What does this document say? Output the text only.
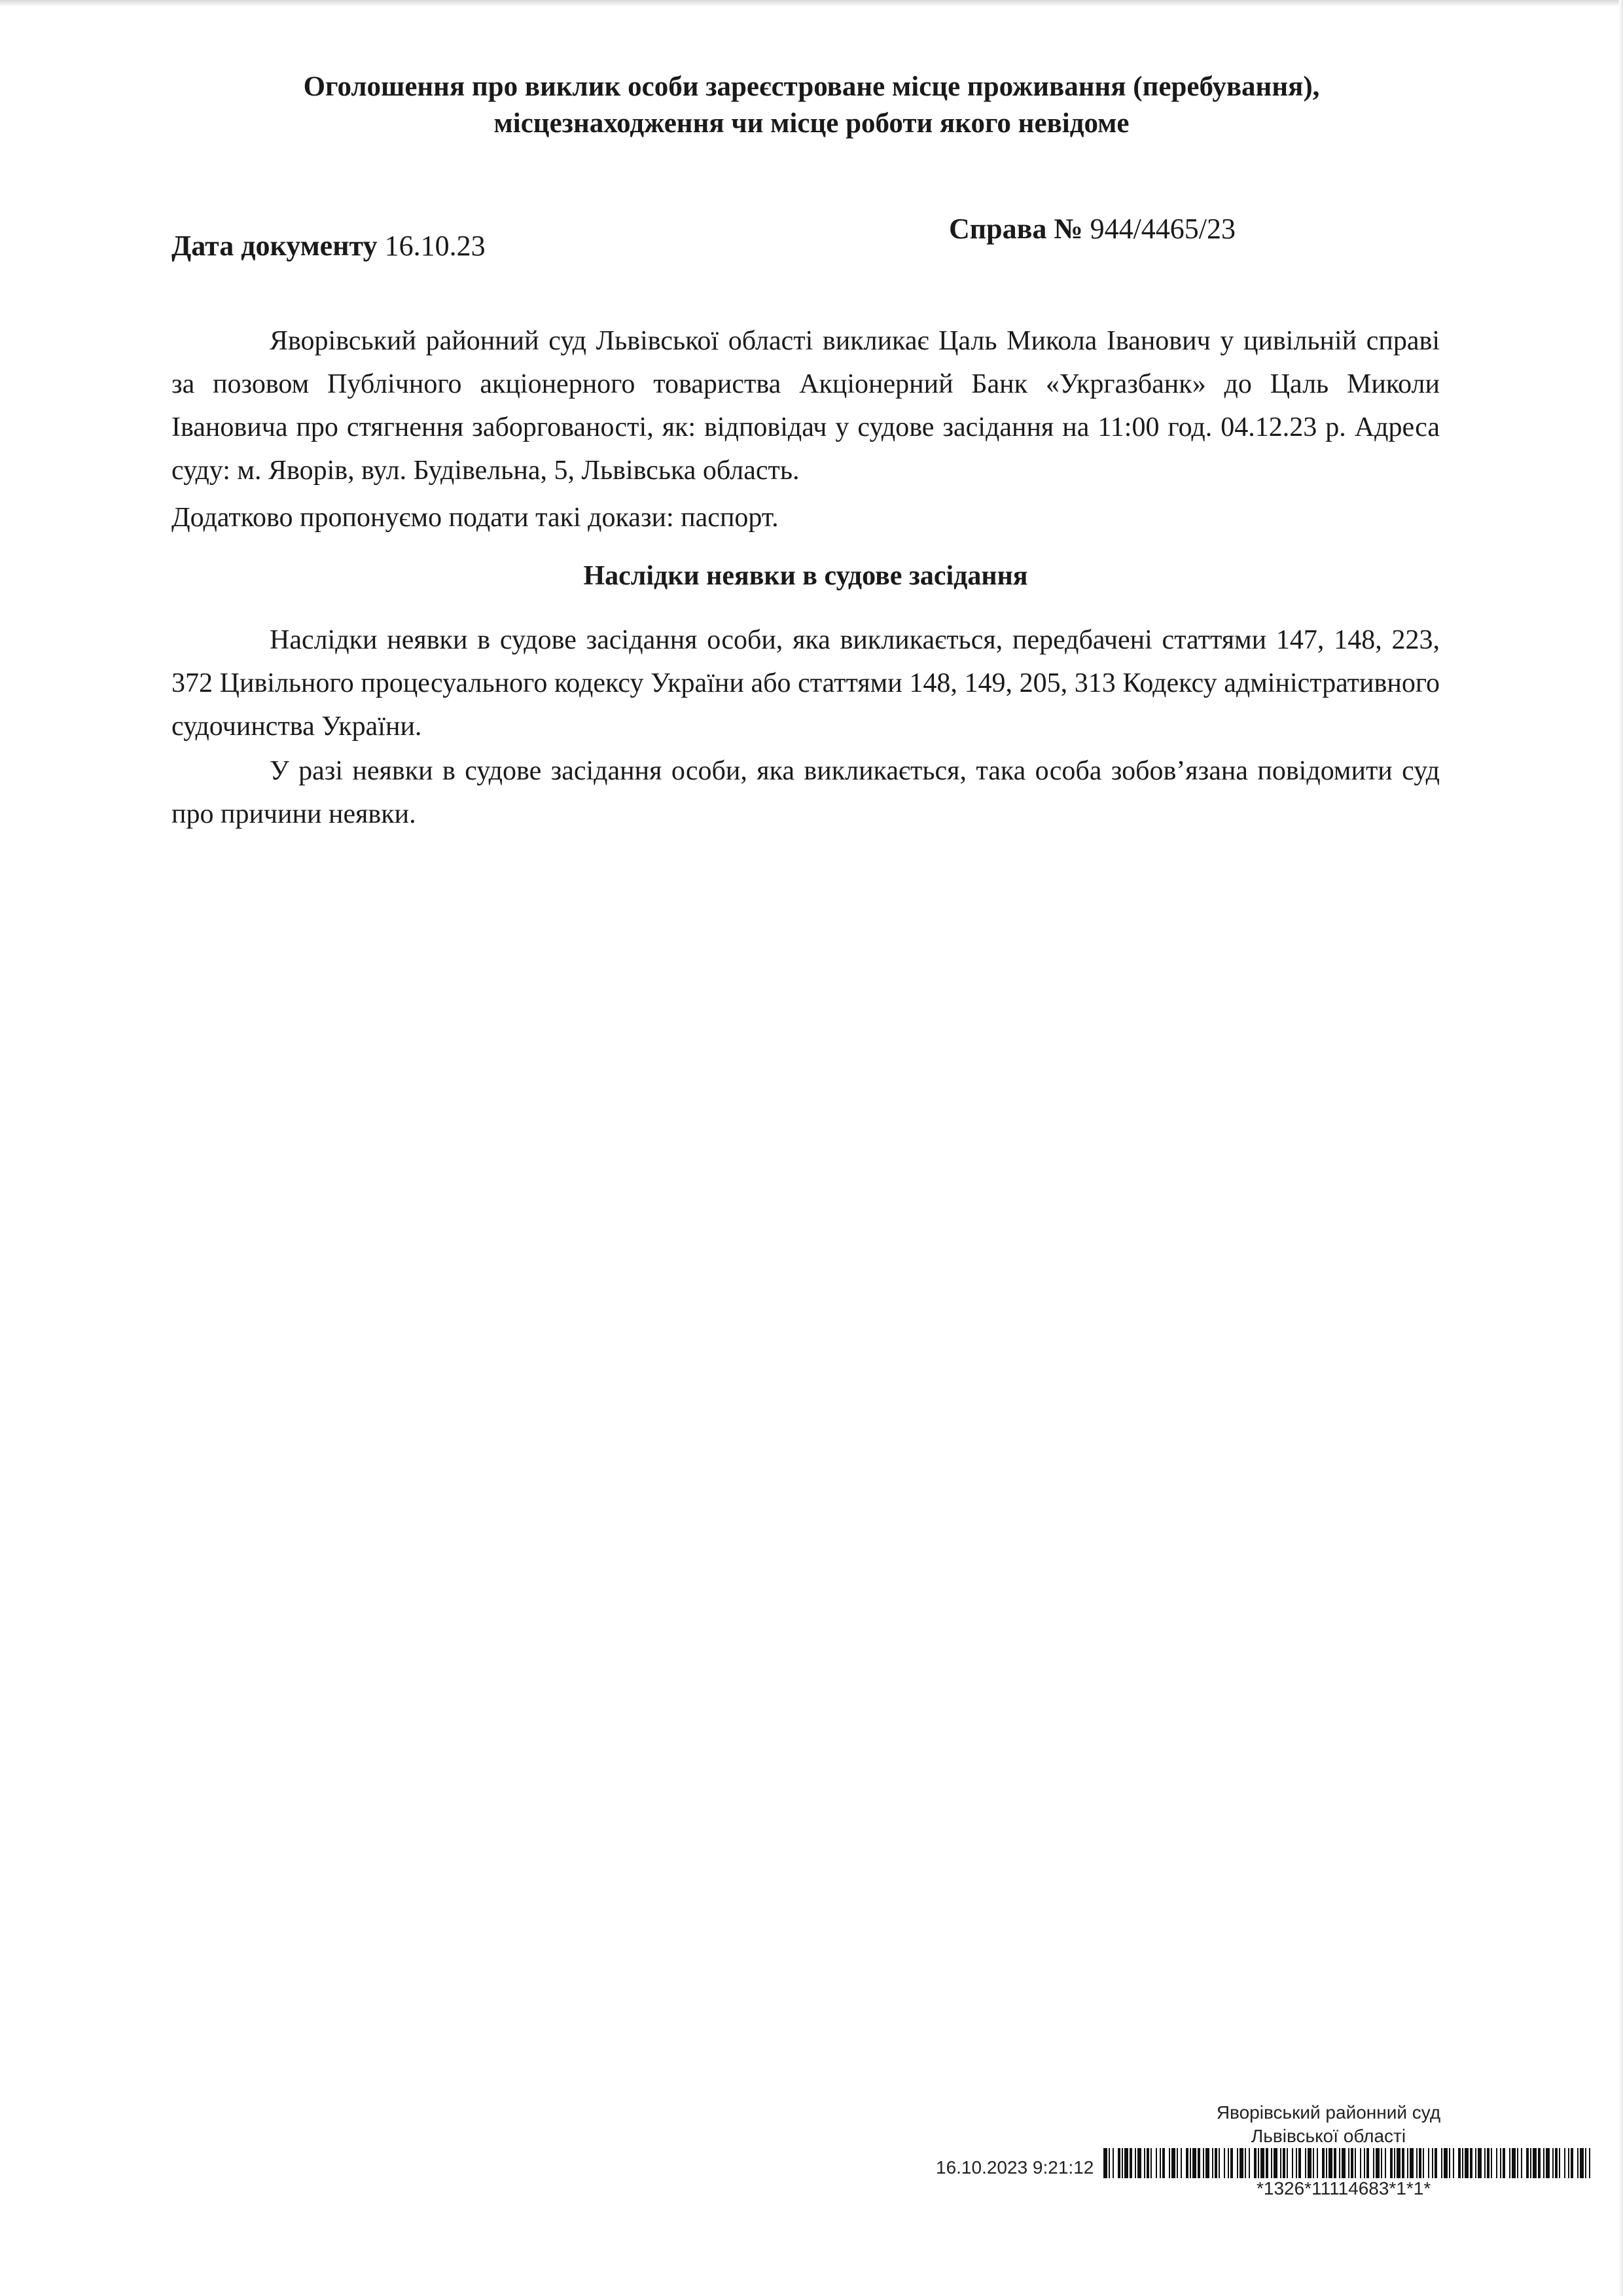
Оголошення про виклик особи зареєстроване місце проживання (перебування),
місцезнаходження чи місце роботи якого невідоме
Дата документу 16.10.23
Справа № 944/4465/23

Яворівський районний суд Львівської області викликає Цаль Микола Іванович у цивільній справі за позовом Публічного акціонерного товариства Акціонерний Банк «Укргазбанк» до Цаль Миколи Івановича про стягнення заборгованості, як: відповідач у судове засідання на 11:00 год. 04.12.23 р. Адреса суду: м. Яворів, вул. Будівельна, 5, Львівська область.

Додатково пропонуємо подати такі докази: паспорт.

Наслідки неявки в судове засідання

Наслідки неявки в судове засідання особи, яка викликається, передбачені статтями 147, 148, 223, 372 Цивільного процесуального кодексу України або статтями 148, 149, 205, 313 Кодексу адміністративного судочинства України.

У разі неявки в судове засідання особи, яка викликається, така особа зобов’язана повідомити суд про причини неявки.

Яворівський районний суд
Львівської області
16.10.2023 9:21:12
*1326*11114683*1*1*
